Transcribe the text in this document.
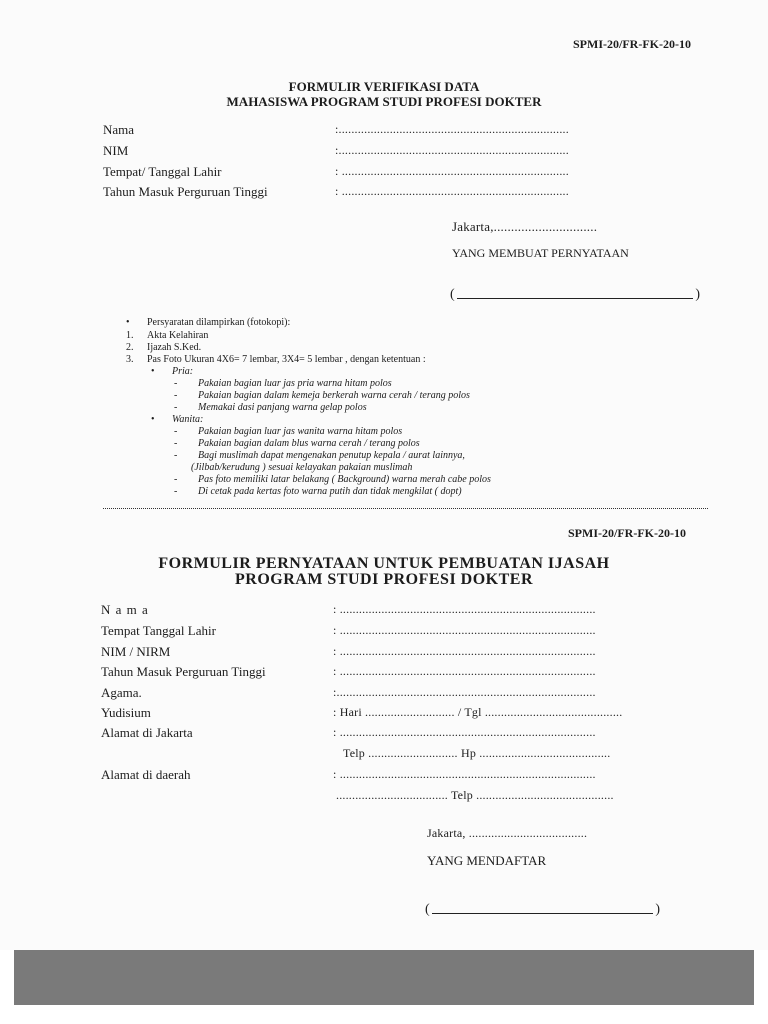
SPMI-20/FR-FK-20-10
FORMULIR VERIFIKASI DATA
MAHASISWA PROGRAM STUDI PROFESI DOKTER
Nama	:........................................................................
NIM	:........................................................................
Tempat/ Tanggal Lahir	: .......................................................................
Tahun Masuk Perguruan Tinggi	: .......................................................................
Jakarta,..............................
YANG MEMBUAT PERNYATAAN
(	)
• Persyaratan dilampirkan (fotokopi):
1. Akta Kelahiran
2. Ijazah S.Ked.
3. Pas Foto Ukuran 4X6= 7 lembar, 3X4= 5 lembar , dengan ketentuan :
• Pria:
- Pakaian bagian luar jas pria warna hitam polos
- Pakaian bagian dalam kemeja berkerah warna cerah / terang polos
- Memakai dasi panjang warna gelap polos
• Wanita:
- Pakaian bagian luar jas wanita warna hitam polos
- Pakaian bagian dalam blus warna cerah / terang polos
- Bagi muslimah dapat mengenakan penutup kepala / aurat lainnya,
(Jilbab/kerudung ) sesuai kelayakan pakaian muslimah
- Pas foto memiliki latar belakang ( Background) warna merah cabe polos
- Di cetak pada kertas foto warna putih dan tidak mengkilat ( dopt)
SPMI-20/FR-FK-20-10
FORMULIR PERNYATAAN UNTUK PEMBUATAN IJASAH
PROGRAM STUDI PROFESI DOKTER
N a m a	: ................................................................................
Tempat Tanggal Lahir	: ................................................................................
NIM / NIRM	: ................................................................................
Tahun Masuk Perguruan Tinggi	: ................................................................................
Agama.	:.................................................................................
Yudisium	: Hari ............................ / Tgl ...........................................
Alamat di Jakarta	: ................................................................................
Telp ............................ Hp .........................................
Alamat di daerah	: ................................................................................
................................... Telp ...........................................
Jakarta, .....................................
YANG MENDAFTAR
(	)
